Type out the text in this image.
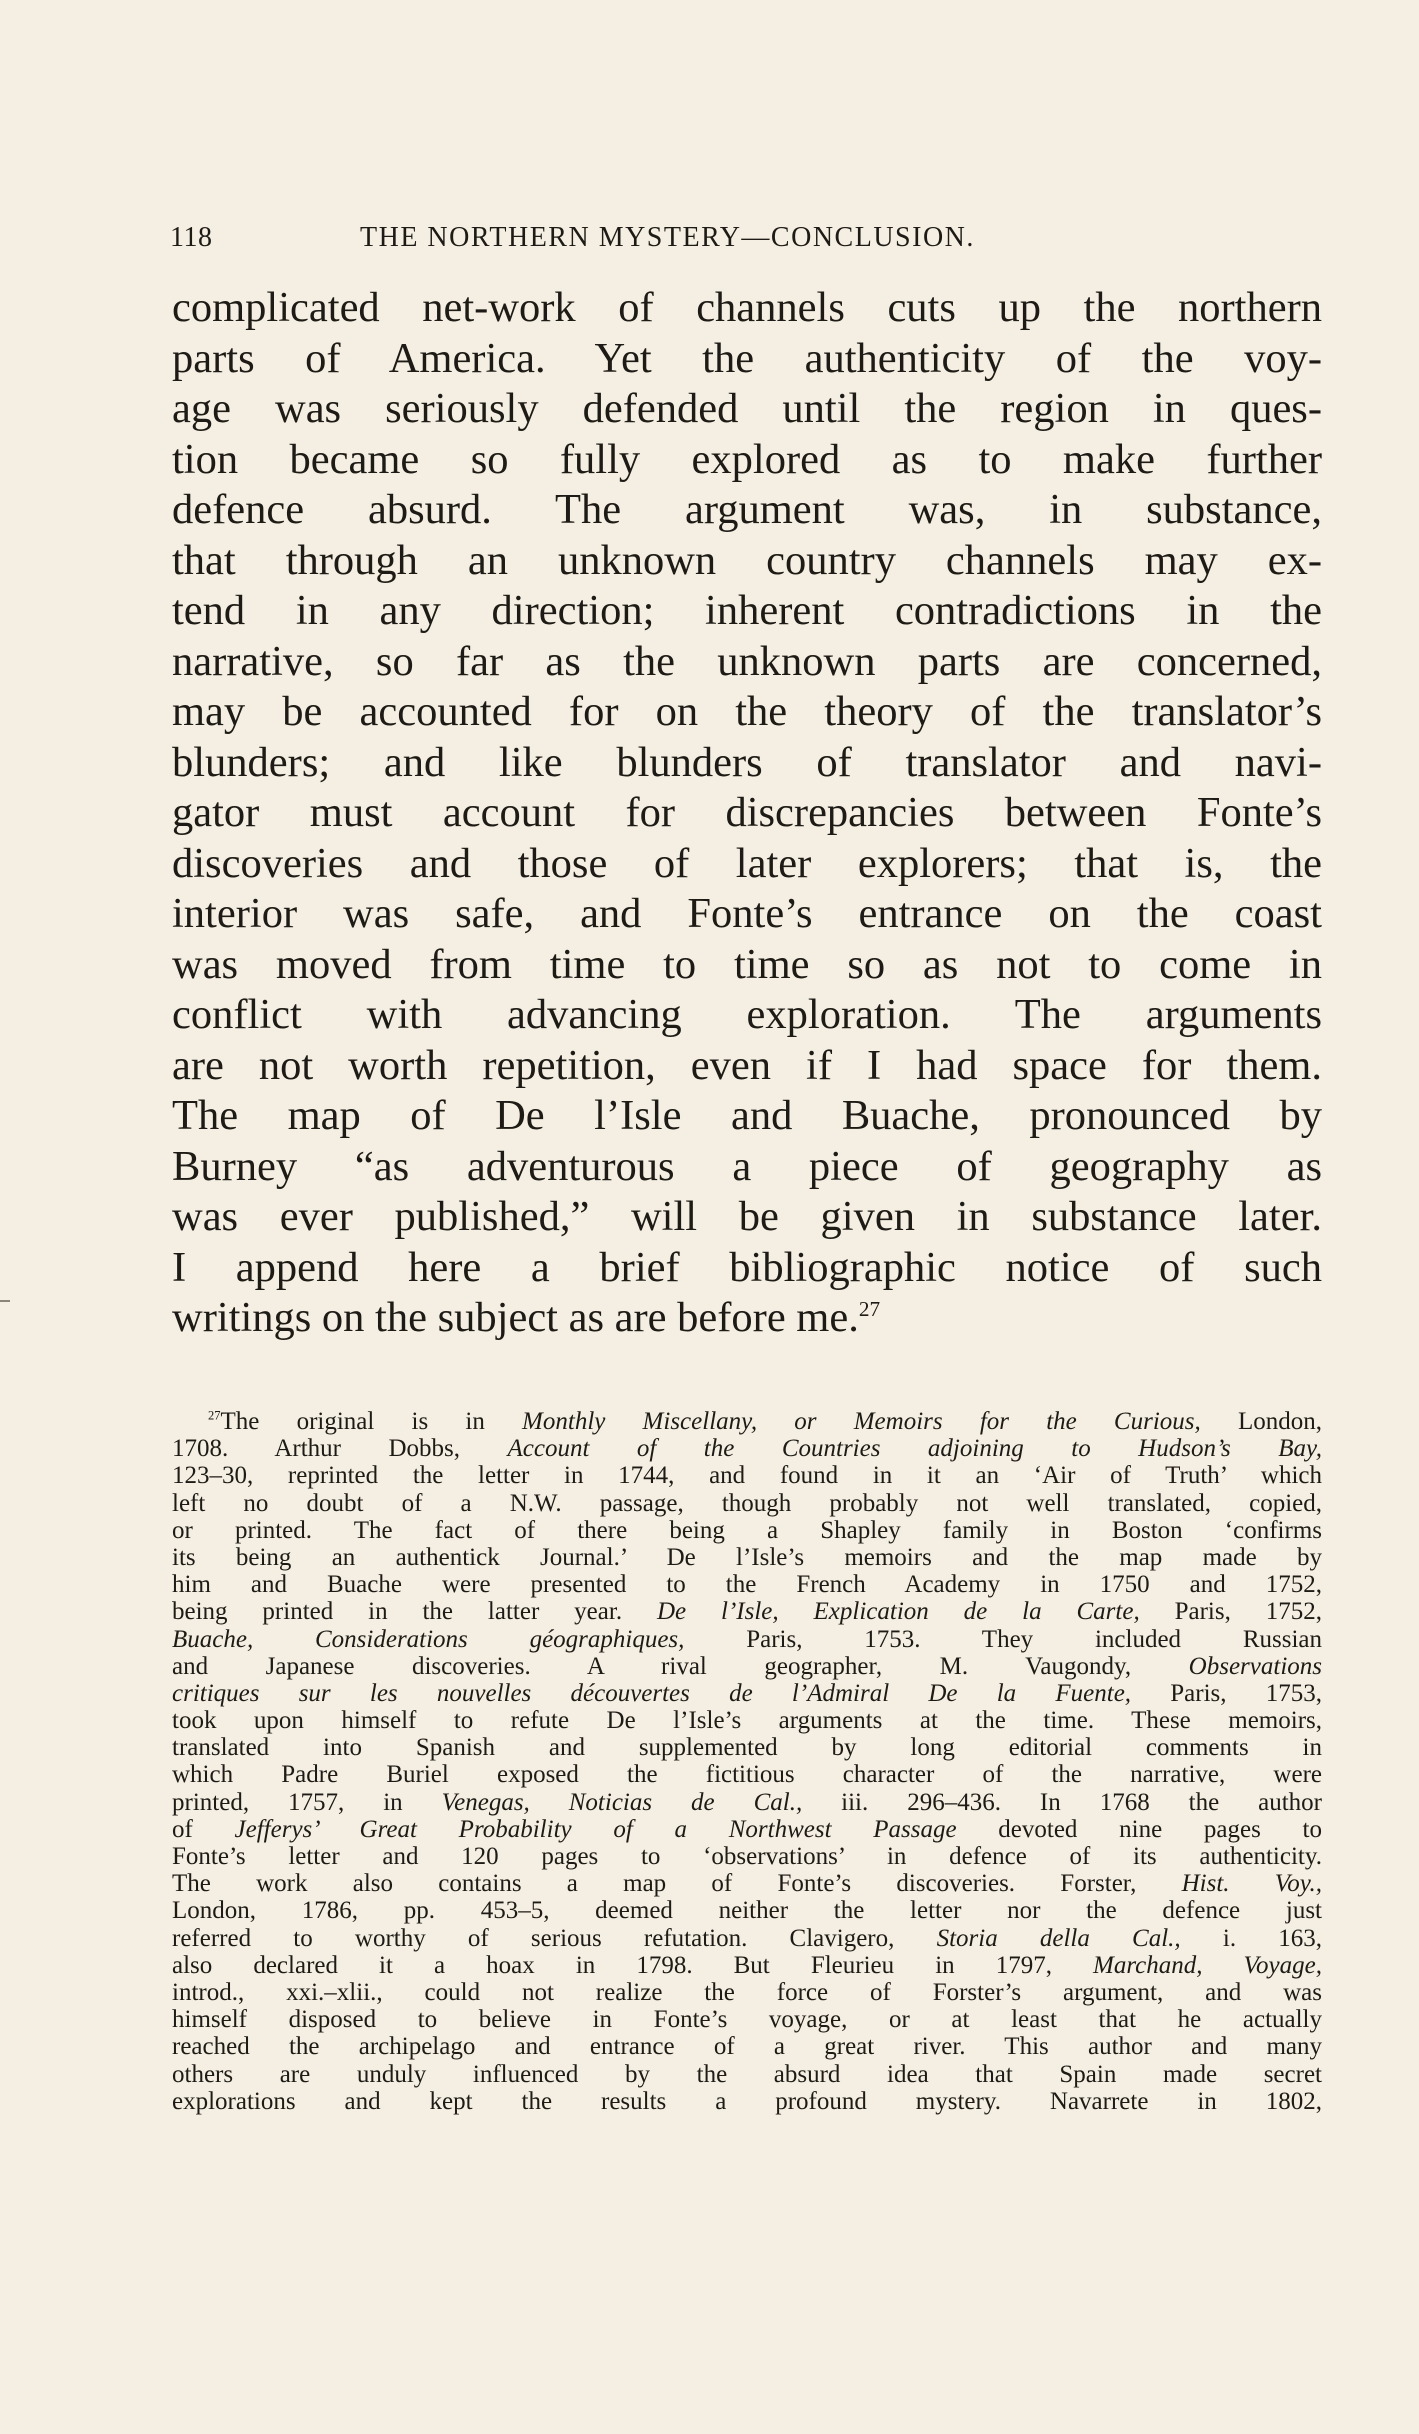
118	THE NORTHERN MYSTERY—CONCLUSION.
complicated net-work of channels cuts up the northern
parts of America. Yet the authenticity of the voy-
age was seriously defended until the region in ques-
tion became so fully explored as to make further
defence absurd. The argument was, in substance,
that through an unknown country channels may ex-
tend in any direction; inherent contradictions in the
narrative, so far as the unknown parts are concerned,
may be accounted for on the theory of the translator’s
blunders; and like blunders of translator and navi-
gator must account for discrepancies between Fonte’s
discoveries and those of later explorers; that is, the
interior was safe, and Fonte’s entrance on the coast
was moved from time to time so as not to come in
conflict with advancing exploration. The arguments
are not worth repetition, even if I had space for them.
The map of De l’Isle and Buache, pronounced by
Burney “as adventurous a piece of geography as
was ever published,” will be given in substance later.
I append here a brief bibliographic notice of such
writings on the subject as are before me.$^{27}$
$^{27}$The original is in Monthly Miscellany, or Memoirs for the Curious, London,
1708. Arthur Dobbs, Account of the Countries adjoining to Hudson’s Bay,
123–30, reprinted the letter in 1744, and found in it an ‘Air of Truth’ which
left no doubt of a N.W. passage, though probably not well translated, copied,
or printed. The fact of there being a Shapley family in Boston ‘confirms
its being an authentick Journal.’ De l’Isle’s memoirs and the map made by
him and Buache were presented to the French Academy in 1750 and 1752,
being printed in the latter year. De l’Isle, Explication de la Carte, Paris, 1752,
Buache, Considerations géographiques, Paris, 1753. They included Russian
and Japanese discoveries. A rival geographer, M. Vaugondy, Observations
critiques sur les nouvelles découvertes de l’Admiral De la Fuente, Paris, 1753,
took upon himself to refute De l’Isle’s arguments at the time. These memoirs,
translated into Spanish and supplemented by long editorial comments in
which Padre Buriel exposed the fictitious character of the narrative, were
printed, 1757, in Venegas, Noticias de Cal., iii. 296–436. In 1768 the author
of Jefferys’ Great Probability of a Northwest Passage devoted nine pages to
Fonte’s letter and 120 pages to ‘observations’ in defence of its authenticity.
The work also contains a map of Fonte’s discoveries. Forster, Hist. Voy.,
London, 1786, pp. 453–5, deemed neither the letter nor the defence just
referred to worthy of serious refutation. Clavigero, Storia della Cal., i. 163,
also declared it a hoax in 1798. But Fleurieu in 1797, Marchand, Voyage,
introd., xxi.–xlii., could not realize the force of Forster’s argument, and was
himself disposed to believe in Fonte’s voyage, or at least that he actually
reached the archipelago and entrance of a great river. This author and many
others are unduly influenced by the absurd idea that Spain made secret
explorations and kept the results a profound mystery. Navarrete in 1802,
